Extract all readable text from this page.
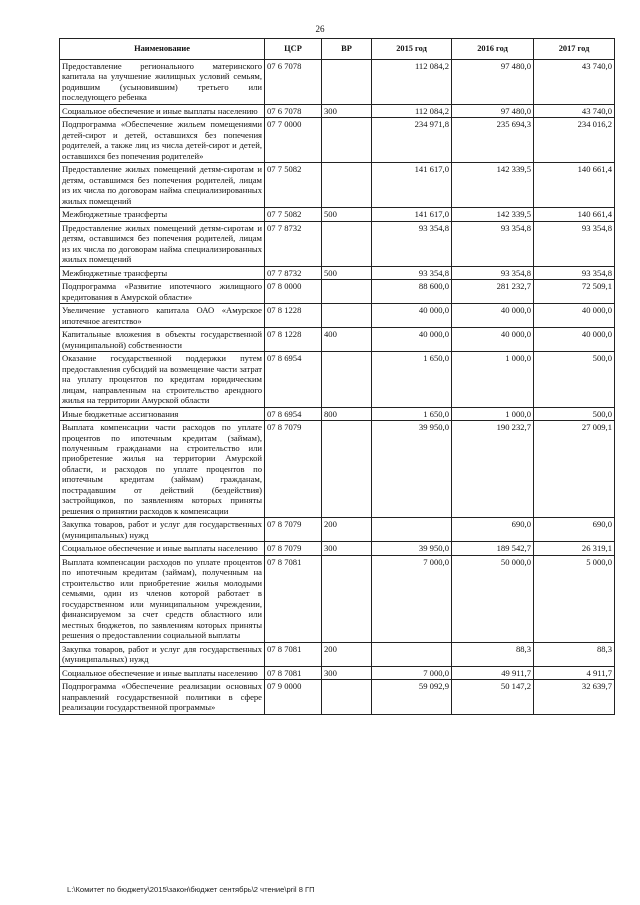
26
Наименование	ЦСР	ВР	2015 год	2016 год	2017 год
Предоставление регионального материнского капитала на улучшение жилищных условий семьям, родившим (усыновившим) третьего или последующего ребенка	07 6 7078		112 084,2	97 480,0	43 740,0
Социальное обеспечение и иные выплаты населению	07 6 7078	300	112 084,2	97 480,0	43 740,0
Подпрограмма «Обеспечение жильем помещениями детей-сирот и детей, оставшихся без попечения родителей, а также лиц из числа детей-сирот и детей, оставшихся без попечения родителей»	07 7 0000		234 971,8	235 694,3	234 016,2
Предоставление жилых помещений детям-сиротам и детям, оставшимся без попечения родителей, лицам из их числа по договорам найма специализированных жилых помещений	07 7 5082		141 617,0	142 339,5	140 661,4
Межбюджетные трансферты	07 7 5082	500	141 617,0	142 339,5	140 661,4
Предоставление жилых помещений детям-сиротам и детям, оставшимся без попечения родителей, лицам из их числа по договорам найма специализированных жилых помещений	07 7 8732		93 354,8	93 354,8	93 354,8
Межбюджетные трансферты	07 7 8732	500	93 354,8	93 354,8	93 354,8
Подпрограмма «Развитие ипотечного жилищного кредитования в Амурской области»	07 8 0000		88 600,0	281 232,7	72 509,1
Увеличение уставного капитала ОАО «Амурское ипотечное агентство»	07 8 1228		40 000,0	40 000,0	40 000,0
Капитальные вложения в объекты государственной (муниципальной) собственности	07 8 1228	400	40 000,0	40 000,0	40 000,0
Оказание государственной поддержки путем предоставления субсидий на возмещение части затрат на уплату процентов по кредитам юридическим лицам, направленным на строительство арендного жилья на территории Амурской области	07 8 6954		1 650,0	1 000,0	500,0
Иные бюджетные ассигнования	07 8 6954	800	1 650,0	1 000,0	500,0
Выплата компенсации части расходов по уплате процентов по ипотечным кредитам (займам), полученным гражданами на строительство или приобретение жилья на территории Амурской области, и расходов по уплате процентов по ипотечным кредитам (займам) гражданам, пострадавшим от действий (бездействия) застройщиков, по заявлениям которых приняты решения о принятии расходов к компенсации	07 8 7079		39 950,0	190 232,7	27 009,1
Закупка товаров, работ и услуг для государственных (муниципальных) нужд	07 8 7079	200		690,0	690,0
Социальное обеспечение и иные выплаты населению	07 8 7079	300	39 950,0	189 542,7	26 319,1
Выплата компенсации расходов по уплате процентов по ипотечным кредитам (займам), полученным на строительство или приобретение жилья молодыми семьями, один из членов которой работает в государственном или муниципальном учреждении, финансируемом за счет средств областного или местных бюджетов, по заявлениям которых приняты решения о предоставлении социальной выплаты	07 8 7081		7 000,0	50 000,0	5 000,0
Закупка товаров, работ и услуг для государственных (муниципальных) нужд	07 8 7081	200		88,3	88,3
Социальное обеспечение и иные выплаты населению	07 8 7081	300	7 000,0	49 911,7	4 911,7
Подпрограмма «Обеспечение реализации основных направлений государственной политики в сфере реализации государственной программы»	07 9 0000		59 092,9	50 147,2	32 639,7
L:\Комитет по бюджету\2015\закон\бюджет сентябрь\2 чтение\pril 8 ГП
